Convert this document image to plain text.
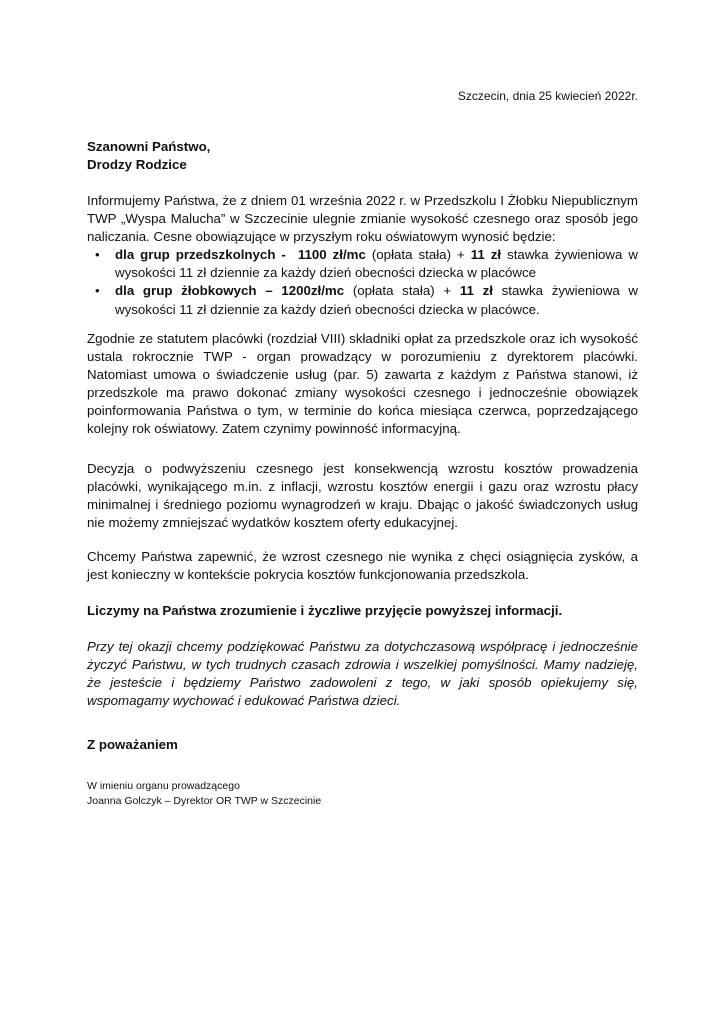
Szczecin, dnia 25 kwiecień 2022r.
Szanowni Państwo,
Drodzy Rodzice

Informujemy Państwa, że z dniem 01 września 2022 r. w Przedszkolu I Żłobku Niepublicznym TWP „Wyspa Malucha” w Szczecinie ulegnie zmianie wysokość czesnego oraz sposób jego naliczania. Cesne obowiązujące w przyszłym roku oświatowym wynosić będzie:

• dla grup przedszkolnych - 1100 zł/mc (opłata stała) + 11 zł stawka żywieniowa w wysokości 11 zł dziennie za każdy dzień obecności dziecka w placówce
• dla grup żłobkowych – 1200zł/mc (opłata stała) + 11 zł stawka żywieniowa w wysokości 11 zł dziennie za każdy dzień obecności dziecka w placówce.

Zgodnie ze statutem placówki (rozdział VIII) składniki opłat za przedszkole oraz ich wysokość ustala rokrocznie TWP - organ prowadzący w porozumieniu z dyrektorem placówki. Natomiast umowa o świadczenie usług (par. 5) zawarta z każdym z Państwa stanowi, iż przedszkole ma prawo dokonać zmiany wysokości czesnego i jednocześnie obowiązek poinformowania Państwa o tym, w terminie do końca miesiąca czerwca, poprzedzającego kolejny rok oświatowy. Zatem czynimy powinność informacyjną.

Decyzja o podwyższeniu czesnego jest konsekwencją wzrostu kosztów prowadzenia placówki, wynikającego m.in. z inflacji, wzrostu kosztów energii i gazu oraz wzrostu płacy minimalnej i średniego poziomu wynagrodzeń w kraju. Dbając o jakość świadczonych usług nie możemy zmniejszać wydatków kosztem oferty edukacyjnej.

Chcemy Państwa zapewnić, że wzrost czesnego nie wynika z chęci osiągnięcia zysków, a jest konieczny w kontekście pokrycia kosztów funkcjonowania przedszkola.

Liczymy na Państwa zrozumienie i życzliwe przyjęcie powyższej informacji.

Przy tej okazji chcemy podziękować Państwu za dotychczasową współpracę i jednocześnie życzyć Państwu, w tych trudnych czasach zdrowia i wszelkiej pomyślności. Mamy nadzieję, że jesteście i będziemy Państwo zadowoleni z tego, w jaki sposób opiekujemy się, wspomagamy wychować i edukować Państwa dzieci.

Z poważaniem
W imieniu organu prowadzącego
Joanna Golczyk – Dyrektor OR TWP w Szczecinie
